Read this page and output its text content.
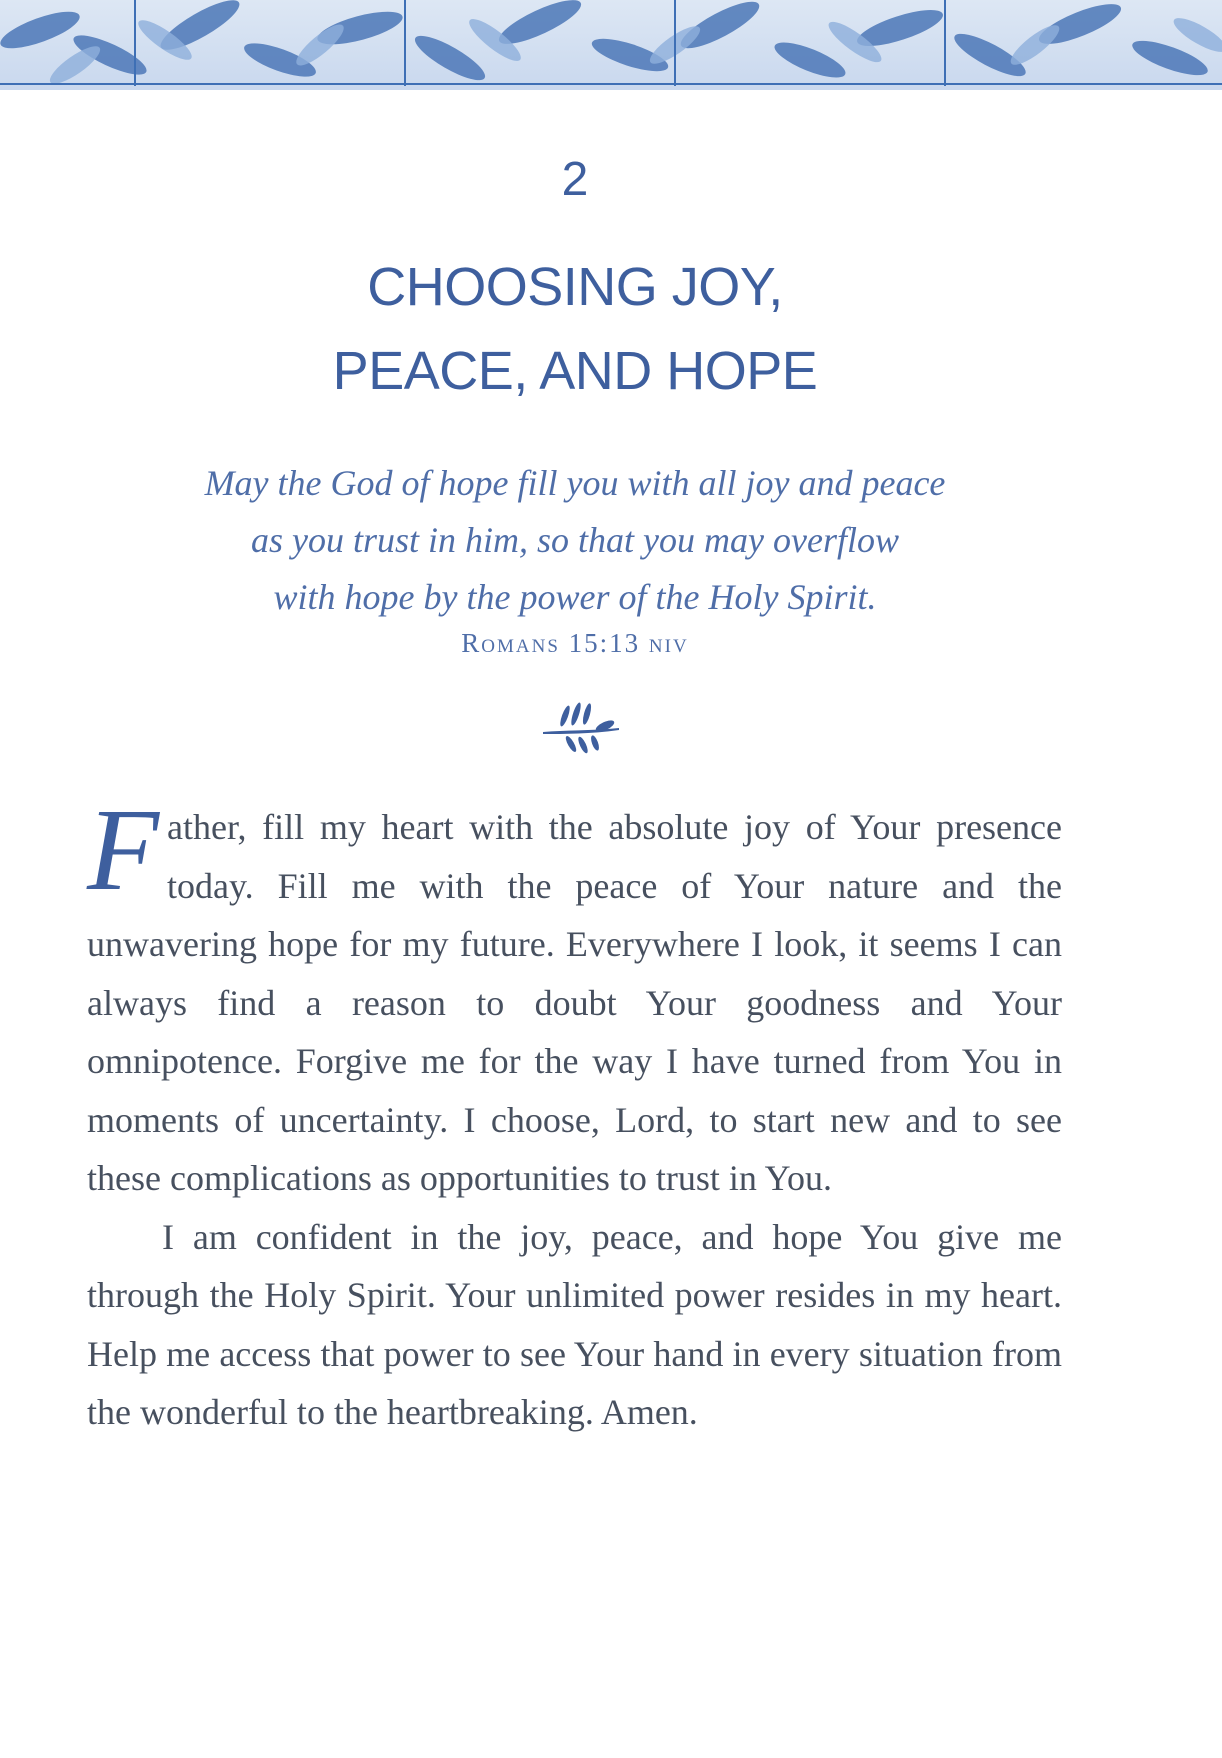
2
CHOOSING JOY,
PEACE, AND HOPE
May the God of hope fill you with all joy and peace
as you trust in him, so that you may overflow
with hope by the power of the Holy Spirit.
Romans 15:13 niv

Father, fill my heart with the absolute joy of Your presence today. Fill me with the peace of Your nature and the unwavering hope for my future. Everywhere I look, it seems I can always find a reason to doubt Your goodness and Your omnipotence. Forgive me for the way I have turned from You in moments of uncertainty. I choose, Lord, to start new and to see these complications as opportunities to trust in You.

I am confident in the joy, peace, and hope You give me through the Holy Spirit. Your unlimited power resides in my heart. Help me access that power to see Your hand in every situation from the wonderful to the heartbreaking. Amen.
